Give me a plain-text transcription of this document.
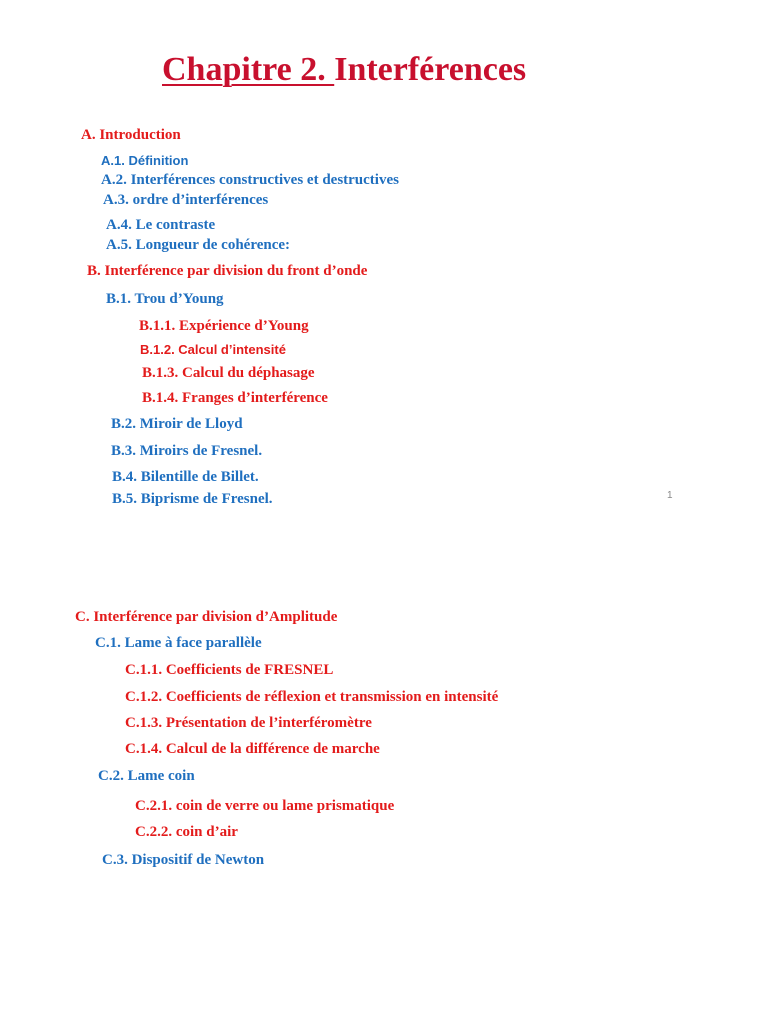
Chapitre 2. Interférences
A. Introduction
A.1. Définition
A.2. Interférences constructives et destructives
A.3. ordre d’interférences
A.4. Le contraste
A.5. Longueur de cohérence:
B. Interférence par division du front d’onde
B.1. Trou d’Young
B.1.1. Expérience d’Young
B.1.2. Calcul d’intensité
B.1.3. Calcul du déphasage
B.1.4. Franges d’interférence
B.2. Miroir de Lloyd
B.3. Miroirs de Fresnel.
B.4. Bilentille de Billet.
B.5. Biprisme de Fresnel.	1
C. Interférence par division d’Amplitude
C.1. Lame à face parallèle
C.1.1. Coefficients de FRESNEL
C.1.2. Coefficients de réflexion et transmission en intensité
C.1.3. Présentation de l’interféromètre
C.1.4. Calcul de la différence de marche
C.2. Lame coin
C.2.1. coin de verre ou lame prismatique
C.2.2. coin d’air
C.3. Dispositif de Newton
